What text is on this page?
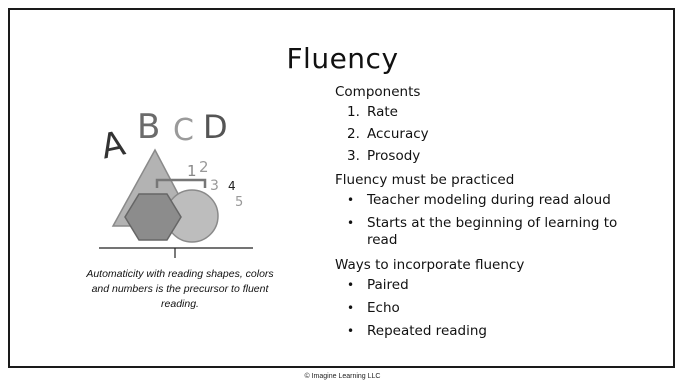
Fluency
A B C D
1 2
3 4
5
Automaticity with reading shapes, colors and numbers is the precursor to fluent reading.
Components
1. Rate
2. Accuracy
3. Prosody
Fluency must be practiced
• Teacher modeling during read aloud
• Starts at the beginning of learning to read
Ways to incorporate fluency
• Paired
• Echo
• Repeated reading
© Imagine Learning LLC
